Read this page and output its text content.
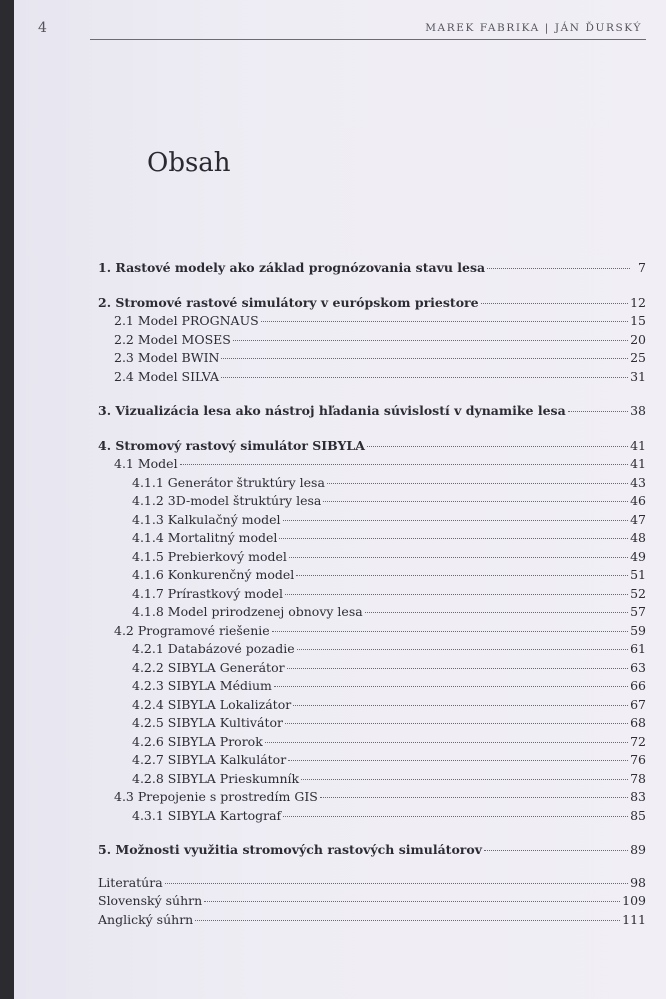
4	MAREK FABRIKA | JÁN ĎURSKÝ
Obsah
1. Rastové modely ako základ prognózovania stavu lesa	7
2. Stromové rastové simulátory v európskom priestore	12
2.1 Model PROGNAUS	15
2.2 Model MOSES	20
2.3 Model BWIN	25
2.4 Model SILVA	31
3. Vizualizácia lesa ako nástroj hľadania súvislostí v dynamike lesa	38
4. Stromový rastový simulátor SIBYLA	41
4.1 Model	41
4.1.1 Generátor štruktúry lesa	43
4.1.2 3D-model štruktúry lesa	46
4.1.3 Kalkulačný model	47
4.1.4 Mortalitný model	48
4.1.5 Prebierkový model	49
4.1.6 Konkurenčný model	51
4.1.7 Prírastkový model	52
4.1.8 Model prirodzenej obnovy lesa	57
4.2 Programové riešenie	59
4.2.1 Databázové pozadie	61
4.2.2 SIBYLA Generátor	63
4.2.3 SIBYLA Médium	66
4.2.4 SIBYLA Lokalizátor	67
4.2.5 SIBYLA Kultivátor	68
4.2.6 SIBYLA Prorok	72
4.2.7 SIBYLA Kalkulátor	76
4.2.8 SIBYLA Prieskumník	78
4.3 Prepojenie s prostredím GIS	83
4.3.1 SIBYLA Kartograf	85
5. Možnosti využitia stromových rastových simulátorov	89
Literatúra	98
Slovenský súhrn	109
Anglický súhrn	111
